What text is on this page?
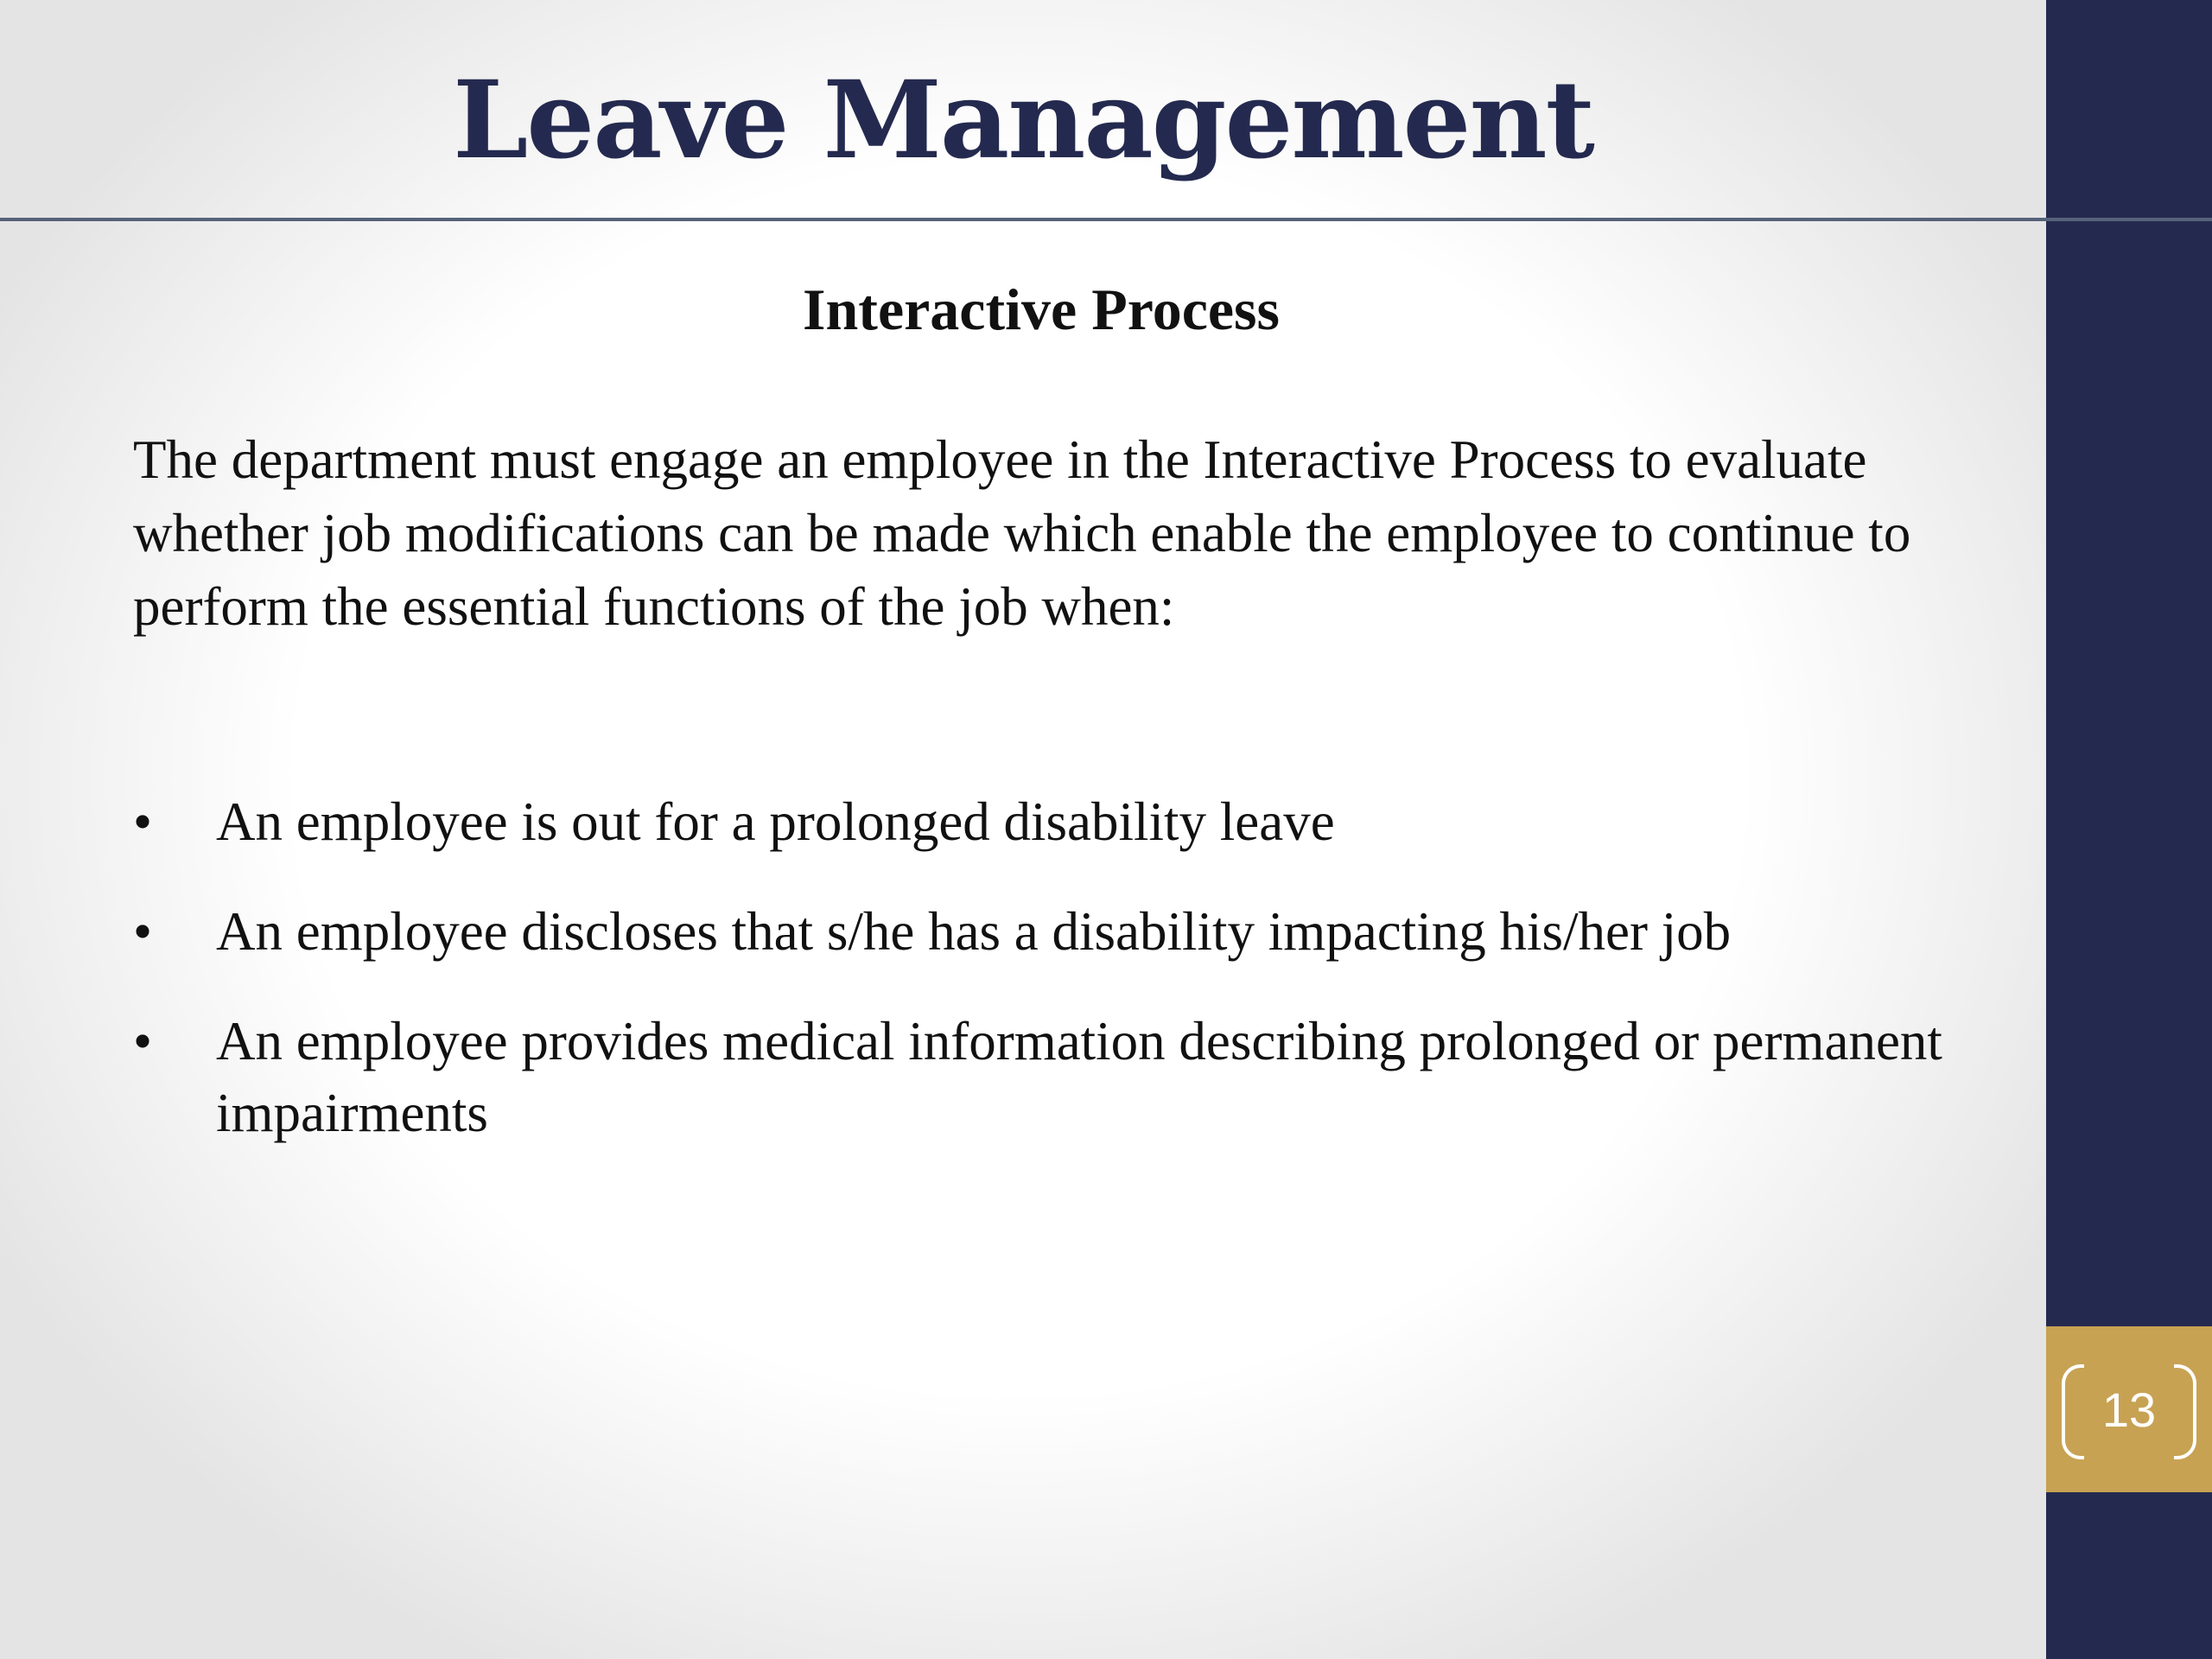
Leave Management
Interactive Process

The department must engage an employee in the Interactive Process to evaluate whether job modifications can be made which enable the employee to continue to perform the essential functions of the job when:

• An employee is out for a prolonged disability leave
• An employee discloses that s/he has a disability impacting his/her job
• An employee provides medical information describing prolonged or permanent impairments
13
